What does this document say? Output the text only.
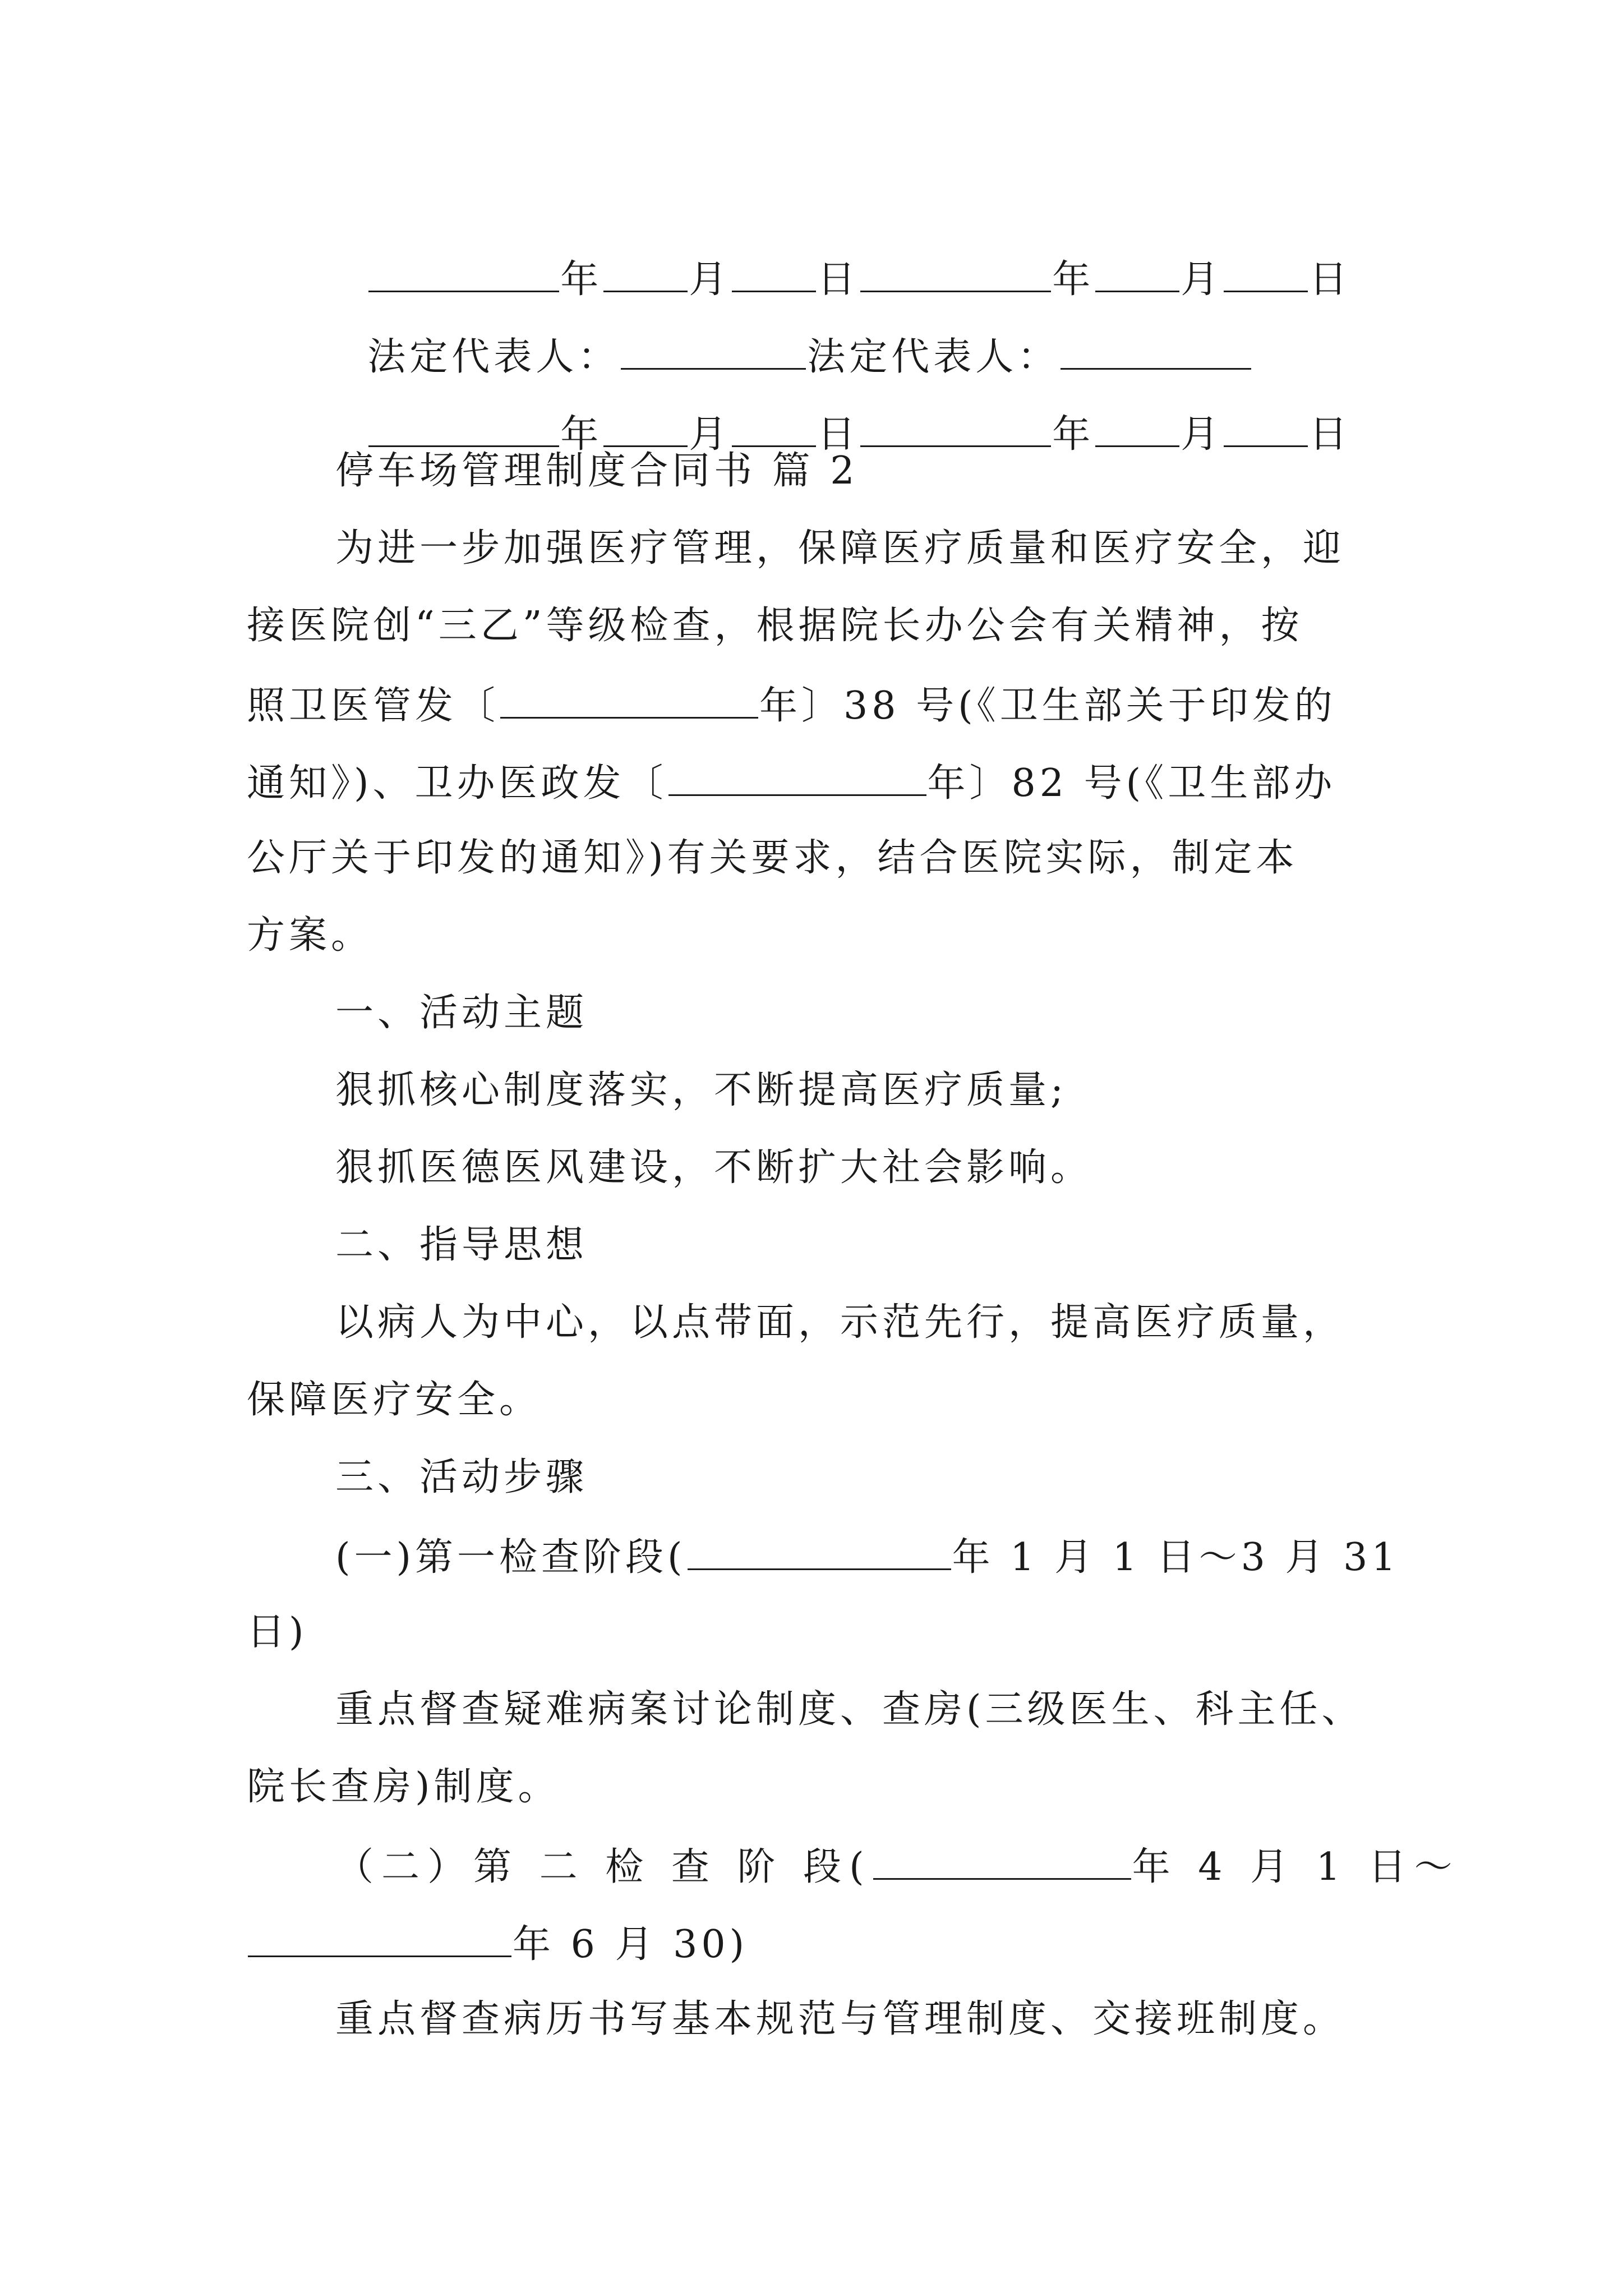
年 月 日	年 月 日

法定代表人：	法定代表人：

年 月 日	年 月 日

停车场管理制度合同书 篇 2
为进一步加强医疗管理，保障医疗质量和医疗安全，迎
接医院创“三乙”等级检查，根据院长办公会有关精神，按
照卫医管发〔	年〕38 号(《卫生部关于印发的
通知》)、卫办医政发〔	年〕82 号(《卫生部办
公厅关于印发的通知》)有关要求，结合医院实际，制定本
方案。
一、活动主题
狠抓核心制度落实，不断提高医疗质量;
狠抓医德医风建设，不断扩大社会影响。
二、指导思想
以病人为中心，以点带面，示范先行，提高医疗质量，
保障医疗安全。
三、活动步骤
(一)第一检查阶段(	年 1 月 1 日～3 月 31
日)
重点督查疑难病案讨论制度、查房(三级医生、科主任、
院长查房)制度。
（二）第 二 检 查 阶 段(	年 4 月 1 日～
年 6 月 30)
重点督查病历书写基本规范与管理制度、交接班制度。
